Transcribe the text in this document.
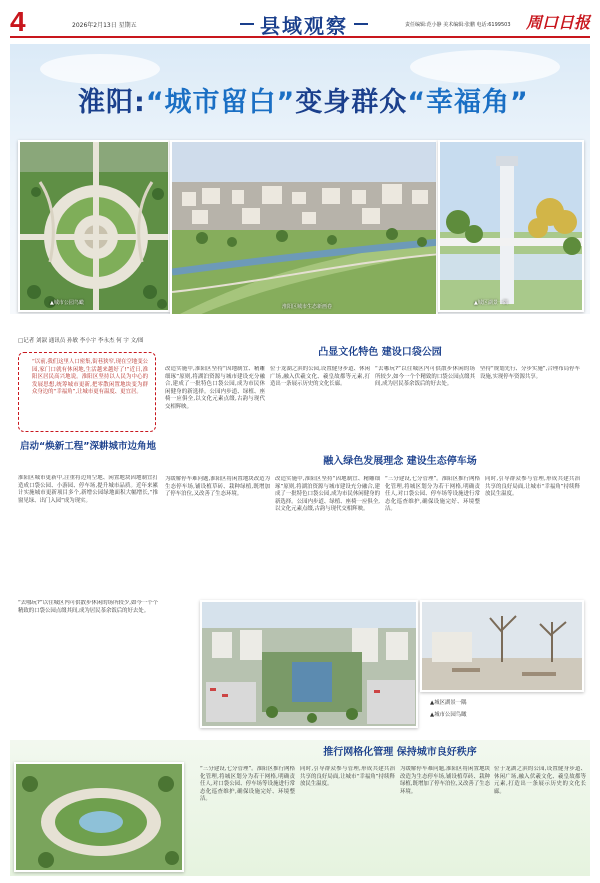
4	2026年2月13日 星期五	县域观察	责任编辑:范小静 美术编辑:张鹏 电话:6199503 周口日报
淮阳:“城市留白”变身群众“幸福角”
▲城市公园鸟瞰
淮阳区城市生态新画卷
▲城区湖景一隅
□记者 刘淑 通讯员 孙敏 李小宇 李永杰 何 宇 文/图
“以前,我们这里人口密集,街巷狭窄,现在空地变公园,家门口就有休闲地,生活越来越好了!”近日,淮阳区居民高兴地说。淮阳区坚持以人民为中心的发展思想,统筹城市更新,把零散闲置地块变为群众身边的“幸福角”,让城市更有温度、更宜居。
凸显文化特色 建设口袋公园
改造实施中,淮阳区坚持“因地制宜、精雕细琢”原则,将湖泊资源与城市建设充分融合,建成了一批特色口袋公园,成为市民休闲健身的新选择。公园内步道、绿植、座椅一应俱全,以文化元素点缀,古韵与现代交相辉映。
位于龙湖之滨的公园,设置健身步道、休闲广场,融入伏羲文化、羲皇故都等元素,打造出一条展示历史的文化长廊。
“去哪玩?”以往城区内可供散步休闲的场所较少,如今一个个精致的口袋公园点缀其间,成为居民茶余饭后的好去处。
坚持“规划先行、分步实施”,合理布局停车设施,实现停车资源共享。
启动“焕新工程”深耕城市边角地
淮阳区城市更新中,注重将边角空地、闲置地块因地制宜打造成口袋公园、小游园、停车场,提升城市品质。近年来累计实施城市更新项目多个,新增公园绿地面积大幅增长,“推窗见绿、出门入园”成为现实。
“去哪玩?”以往城区内可供散步休闲的场所较少,如今一个个精致的口袋公园点缀其间,成为居民茶余饭后的好去处。
融入绿色发展理念 建设生态停车场
为缓解停车难问题,淮阳区将闲置地块改造为生态停车场,铺设植草砖、栽种绿植,既增加了停车泊位,又改善了生态环境。
改造实施中,淮阳区坚持“因地制宜、精雕细琢”原则,将湖泊资源与城市建设充分融合,建成了一批特色口袋公园,成为市民休闲健身的新选择。公园内步道、绿植、座椅一应俱全,以文化元素点缀,古韵与现代交相辉映。
“三分建设,七分管理”。淮阳区推行网格化管理,将城区划分为若干网格,明确责任人,对口袋公园、停车场等设施进行常态化巡查维护,确保设施完好、环境整洁。
同时,引导群众参与管理,形成共建共治共享的良好局面,让城市“幸福角”持续释放民生温度。
▲城区湖景一隅
▲城市公园鸟瞰
推行网格化管理 保持城市良好秩序
“三分建设,七分管理”。淮阳区推行网格化管理,将城区划分为若干网格,明确责任人,对口袋公园、停车场等设施进行常态化巡查维护,确保设施完好、环境整洁。
同时,引导群众参与管理,形成共建共治共享的良好局面,让城市“幸福角”持续释放民生温度。
为缓解停车难问题,淮阳区将闲置地块改造为生态停车场,铺设植草砖、栽种绿植,既增加了停车泊位,又改善了生态环境。
位于龙湖之滨的公园,设置健身步道、休闲广场,融入伏羲文化、羲皇故都等元素,打造出一条展示历史的文化长廊。
